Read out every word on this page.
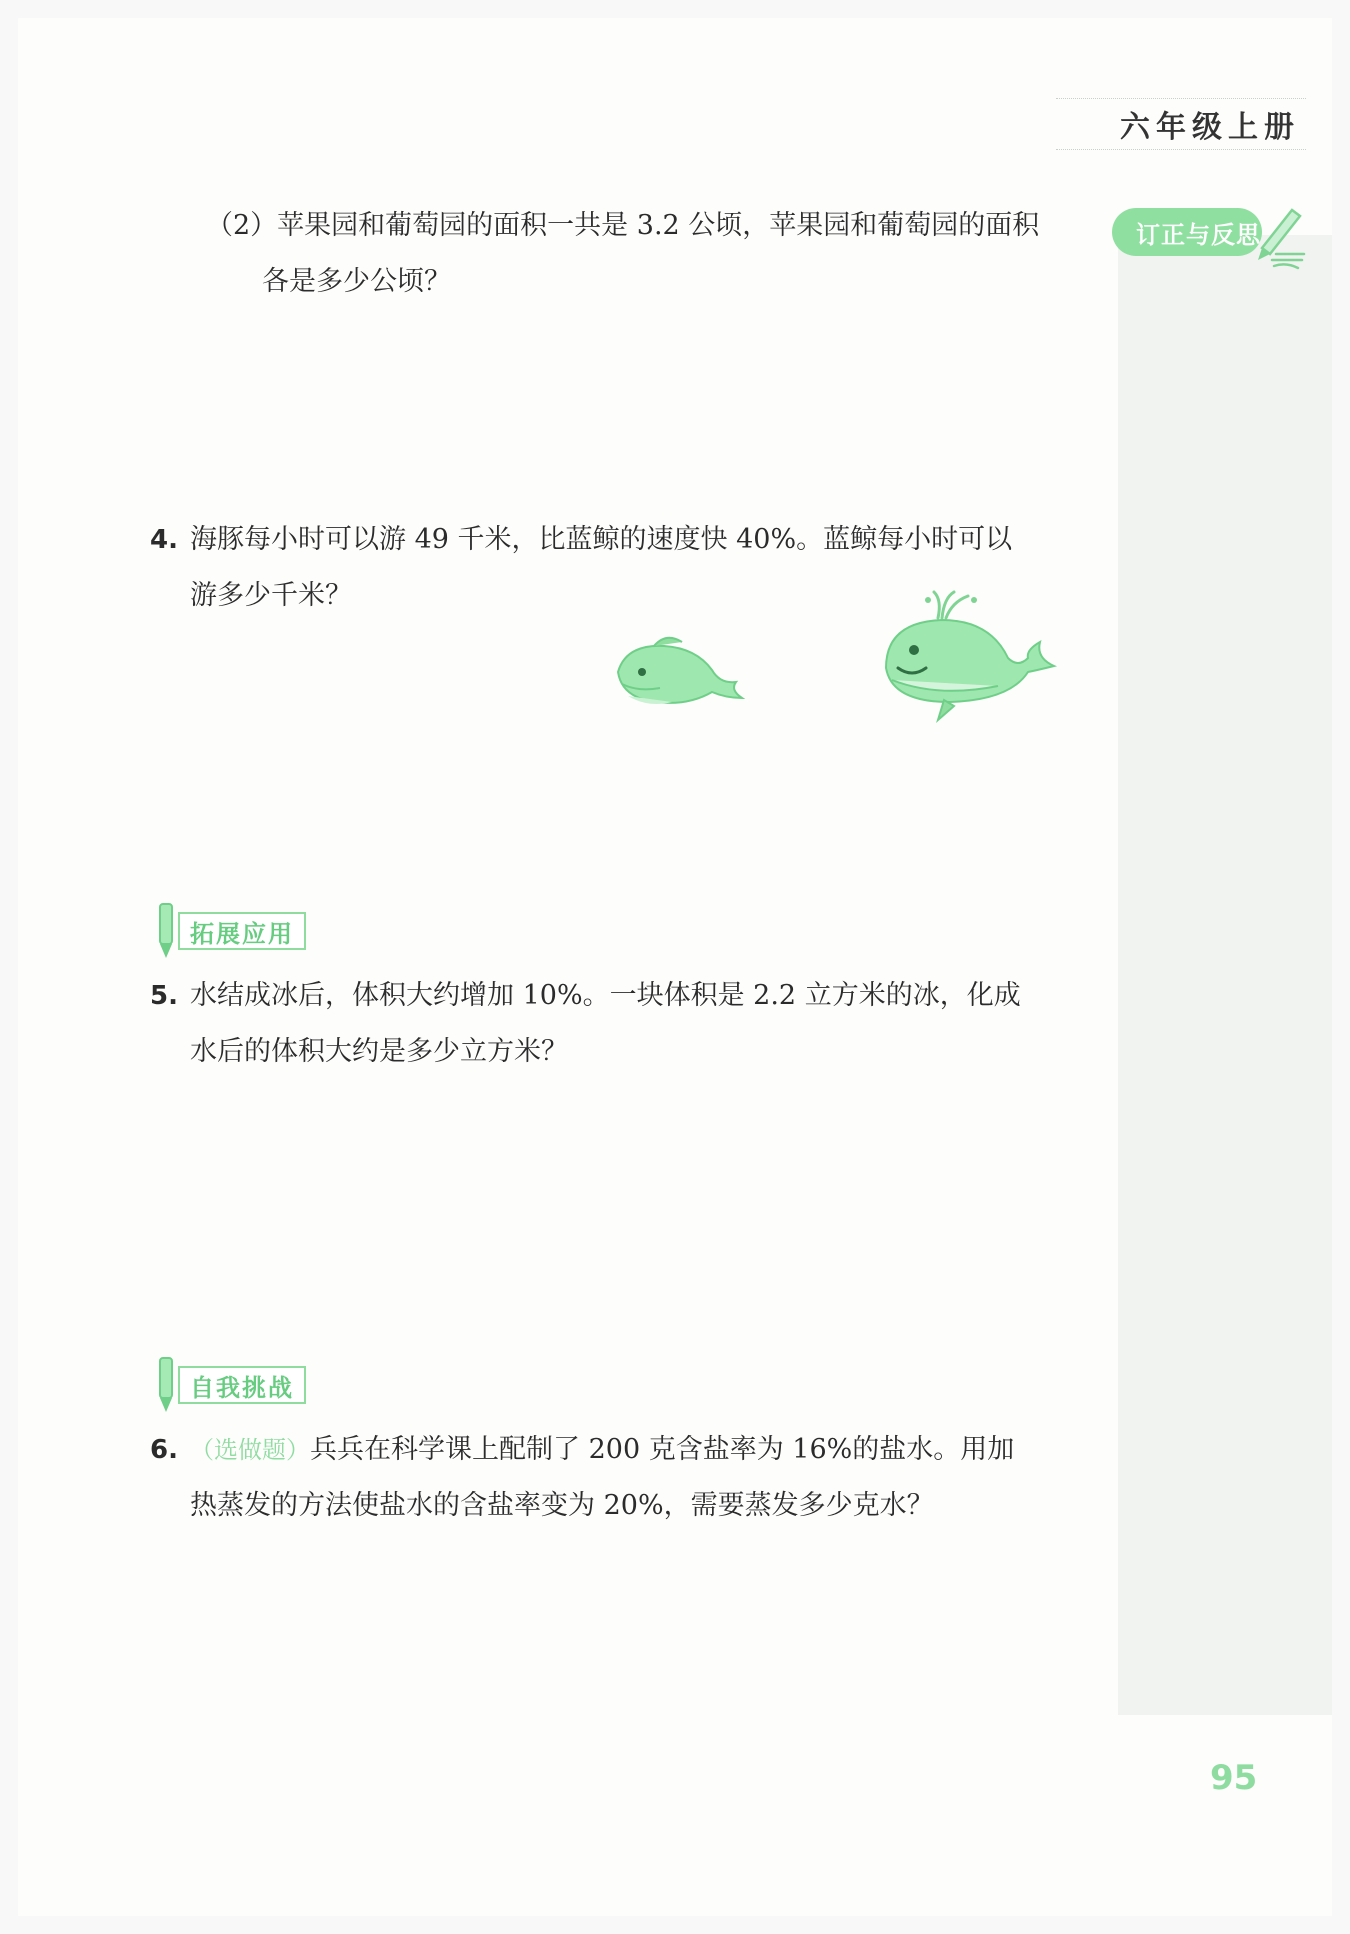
六年级上册
订正与反思
（2）苹果园和葡萄园的面积一共是 3.2 公顷，苹果园和葡萄园的面积
各是多少公顷？
4. 海豚每小时可以游 49 千米，比蓝鲸的速度快 40%。蓝鲸每小时可以
游多少千米？
拓展应用
5. 水结成冰后，体积大约增加 10%。一块体积是 2.2 立方米的冰，化成
水后的体积大约是多少立方米？
自我挑战
6. （选做题）兵兵在科学课上配制了 200 克含盐率为 16%的盐水。用加
热蒸发的方法使盐水的含盐率变为 20%，需要蒸发多少克水？
95
